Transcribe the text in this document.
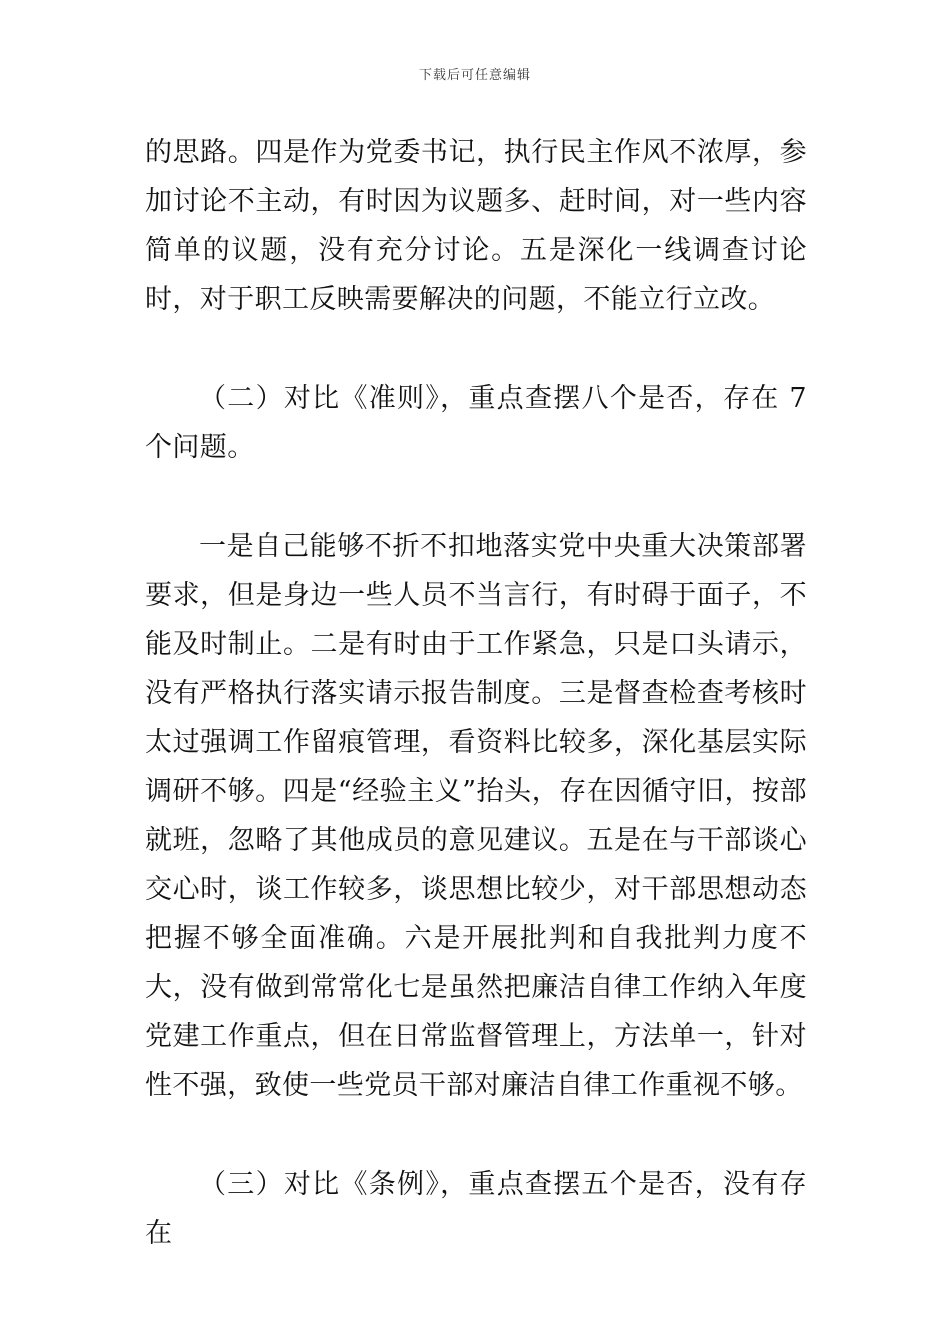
下载后可任意编辑

的思路。四是作为党委书记，执行民主作风不浓厚，参加讨论不主动，有时因为议题多、赶时间，对一些内容简单的议题，没有充分讨论。五是深化一线调查讨论时，对于职工反映需要解决的问题，不能立行立改。

（二）对比《准则》，重点查摆八个是否，存在 7 个问题。

一是自己能够不折不扣地落实党中央重大决策部署要求，但是身边一些人员不当言行，有时碍于面子，不能及时制止。二是有时由于工作紧急，只是口头请示，没有严格执行落实请示报告制度。三是督查检查考核时太过强调工作留痕管理，看资料比较多，深化基层实际调研不够。四是“经验主义”抬头，存在因循守旧，按部就班，忽略了其他成员的意见建议。五是在与干部谈心交心时，谈工作较多，谈思想比较少，对干部思想动态把握不够全面准确。六是开展批判和自我批判力度不大，没有做到常常化七是虽然把廉洁自律工作纳入年度党建工作重点，但在日常监督管理上，方法单一，针对性不强，致使一些党员干部对廉洁自律工作重视不够。

（三）对比《条例》，重点查摆五个是否，没有存在
